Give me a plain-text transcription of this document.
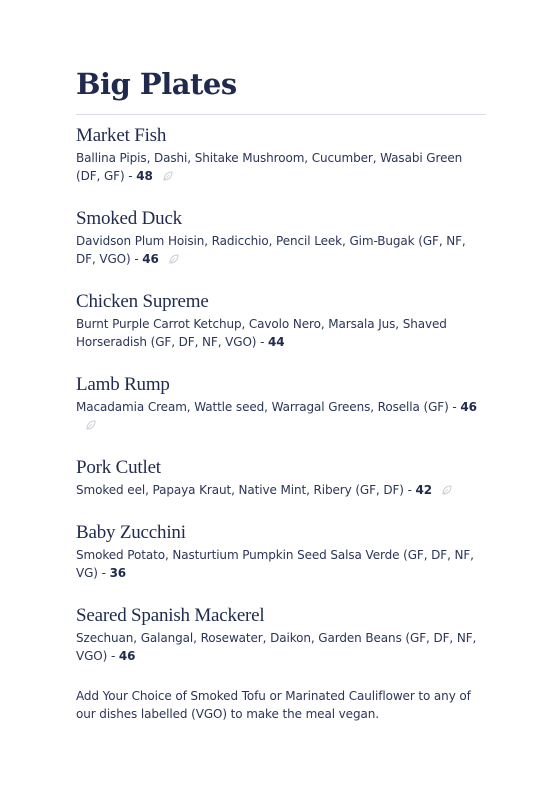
Big Plates
Market Fish
Ballina Pipis, Dashi, Shitake Mushroom, Cucumber, Wasabi Green (DF, GF) - 48
Smoked Duck
Davidson Plum Hoisin, Radicchio, Pencil Leek, Gim-Bugak (GF, NF, DF, VGO) - 46
Chicken Supreme
Burnt Purple Carrot Ketchup, Cavolo Nero, Marsala Jus, Shaved Horseradish (GF, DF, NF, VGO) - 44
Lamb Rump
Macadamia Cream, Wattle seed, Warragal Greens, Rosella (GF) - 46
Pork Cutlet
Smoked eel, Papaya Kraut, Native Mint, Ribery (GF, DF) - 42
Baby Zucchini
Smoked Potato, Nasturtium Pumpkin Seed Salsa Verde (GF, DF, NF, VG) - 36
Seared Spanish Mackerel
Szechuan, Galangal, Rosewater, Daikon, Garden Beans (GF, DF, NF, VGO) - 46
Add Your Choice of Smoked Tofu or Marinated Cauliflower to any of our dishes labelled (VGO) to make the meal vegan.
